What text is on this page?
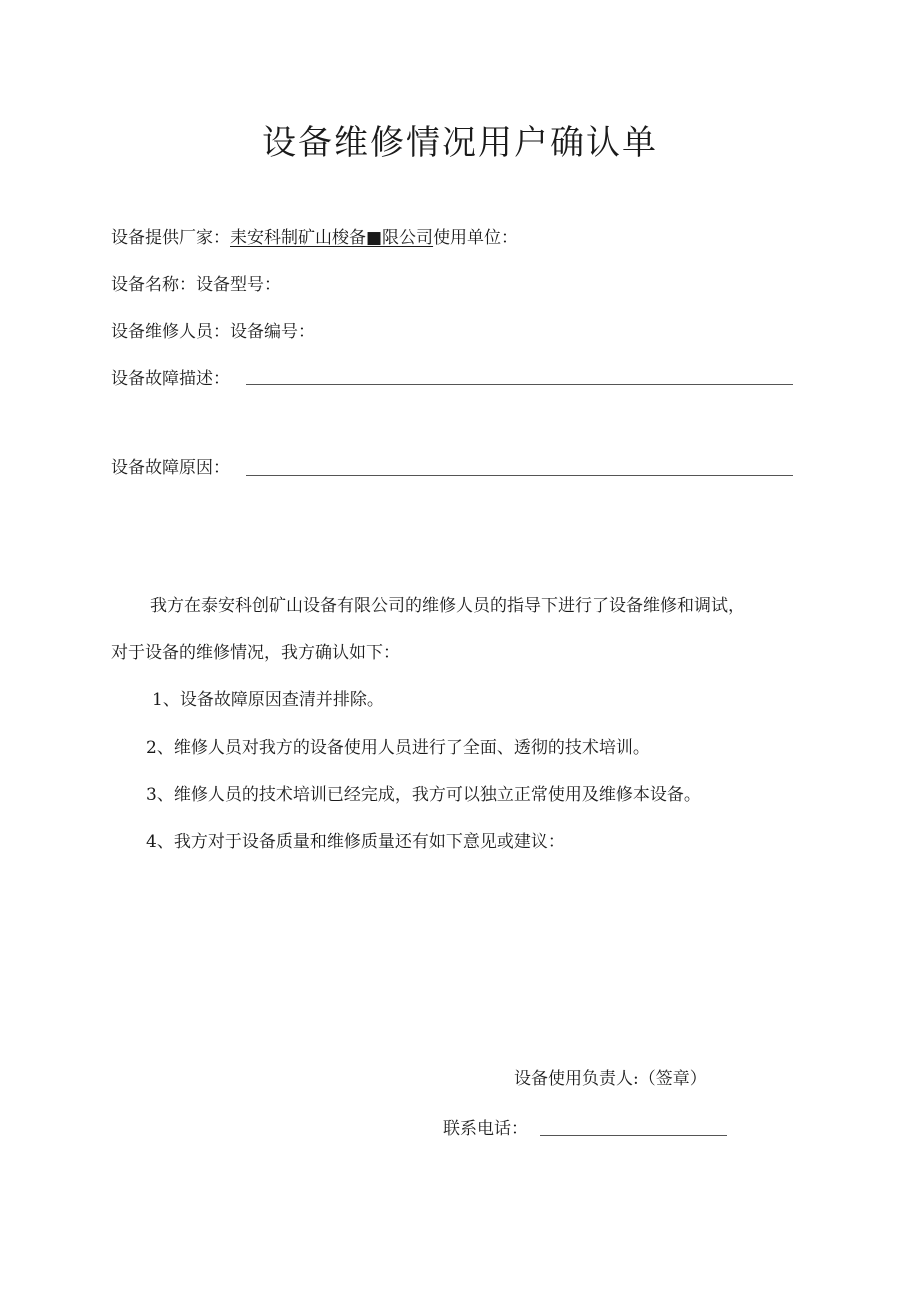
设备维修情况用户确认单
设备提供厂家：耒安科制矿山梭备■限公司使用单位：
设备名称：设备型号：
设备维修人员：设备编号：
设备故障描述：
设备故障原因：
我方在泰安科创矿山设备有限公司的维修人员的指导下进行了设备维修和调试，
对于设备的维修情况，我方确认如下：
1、设备故障原因查清并排除。
2、维修人员对我方的设备使用人员进行了全面、透彻的技术培训。
3、维修人员的技术培训已经完成，我方可以独立正常使用及维修本设备。
4、我方对于设备质量和维修质量还有如下意见或建议：
设备使用负责人:（签章）
联系电话：
